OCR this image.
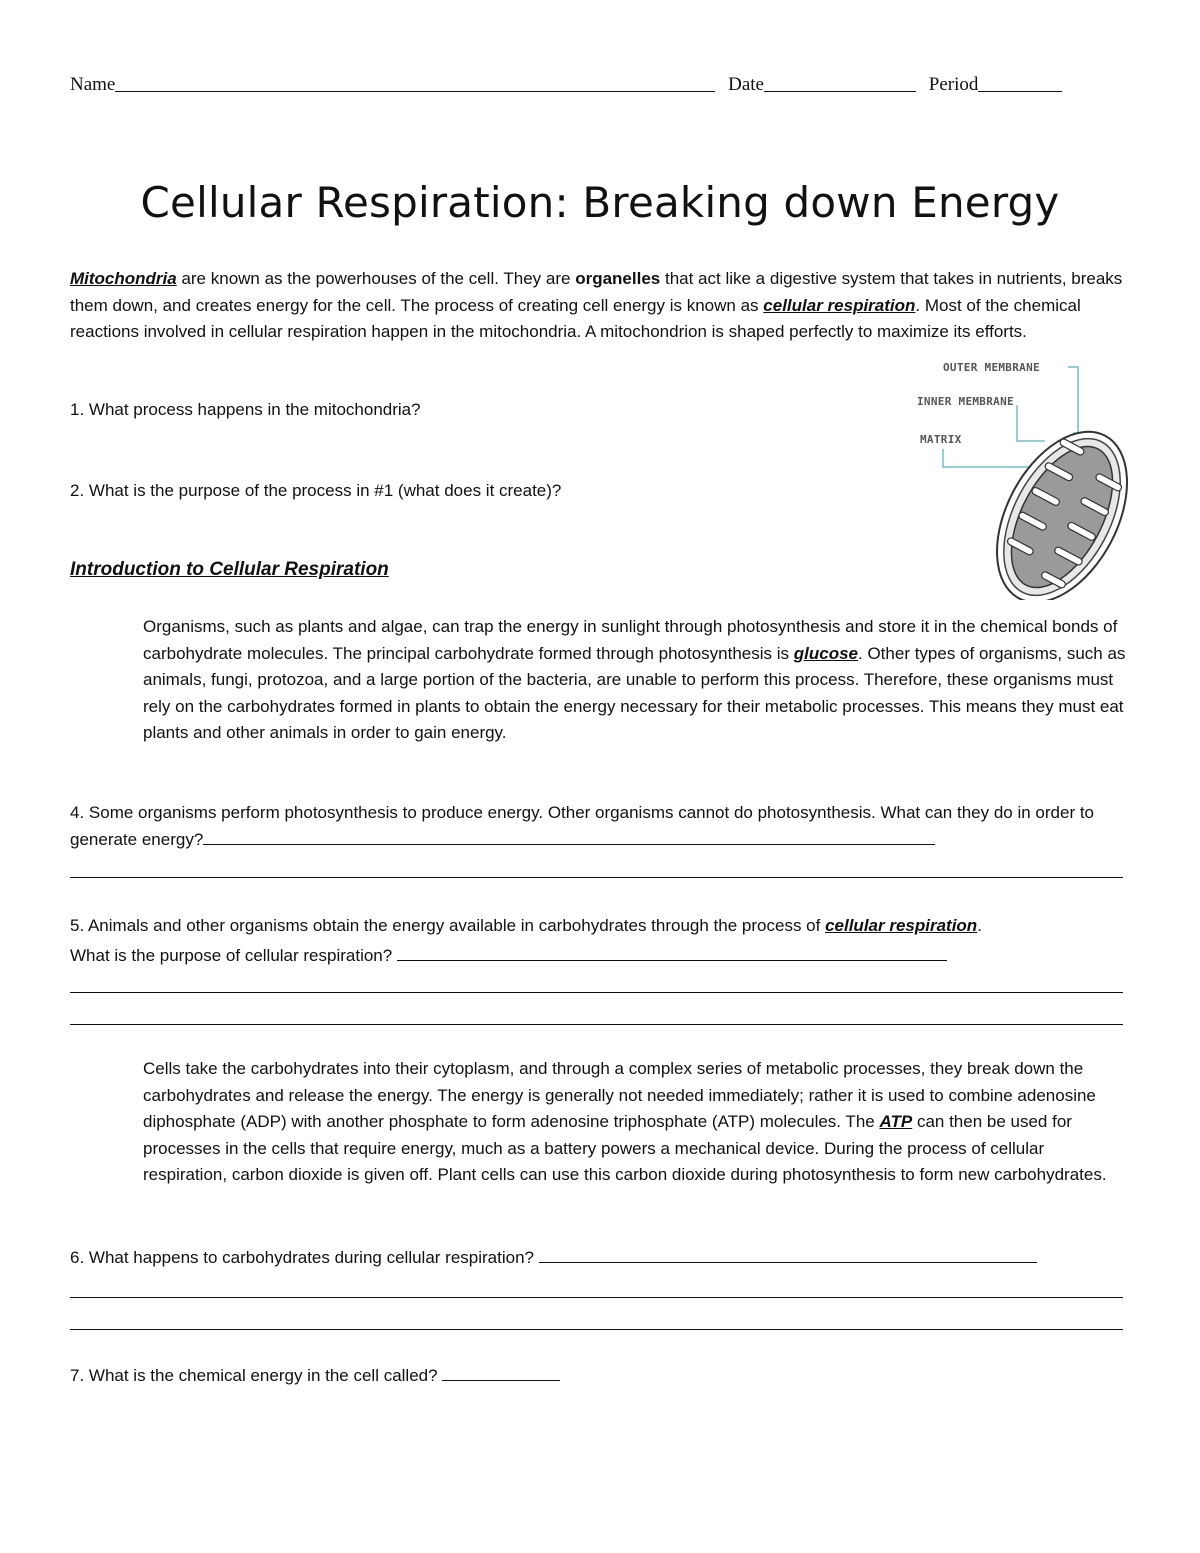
Name	Date	Period
Cellular Respiration: Breaking down Energy
Mitochondria are known as the powerhouses of the cell. They are organelles that act like a digestive system that takes in nutrients, breaks them down, and creates energy for the cell. The process of creating cell energy is known as cellular respiration. Most of the chemical reactions involved in cellular respiration happen in the mitochondria. A mitochondrion is shaped perfectly to maximize its efforts.
OUTER MEMBRANE
INNER MEMBRANE
MATRIX
1. What process happens in the mitochondria?
2. What is the purpose of the process in #1 (what does it create)?
Introduction to Cellular Respiration
Organisms, such as plants and algae, can trap the energy in sunlight through photosynthesis and store it in the chemical bonds of carbohydrate molecules. The principal carbohydrate formed through photosynthesis is glucose. Other types of organisms, such as animals, fungi, protozoa, and a large portion of the bacteria, are unable to perform this process. Therefore, these organisms must rely on the carbohydrates formed in plants to obtain the energy necessary for their metabolic processes. This means they must eat plants and other animals in order to gain energy.
4. Some organisms perform photosynthesis to produce energy. Other organisms cannot do photosynthesis. What can they do in order to generate energy?
5. Animals and other organisms obtain the energy available in carbohydrates through the process of cellular respiration.
What is the purpose of cellular respiration?
Cells take the carbohydrates into their cytoplasm, and through a complex series of metabolic processes, they break down the carbohydrates and release the energy. The energy is generally not needed immediately; rather it is used to combine adenosine diphosphate (ADP) with another phosphate to form adenosine triphosphate (ATP) molecules. The ATP can then be used for processes in the cells that require energy, much as a battery powers a mechanical device. During the process of cellular respiration, carbon dioxide is given off. Plant cells can use this carbon dioxide during photosynthesis to form new carbohydrates.
6. What happens to carbohydrates during cellular respiration?
7. What is the chemical energy in the cell called?
